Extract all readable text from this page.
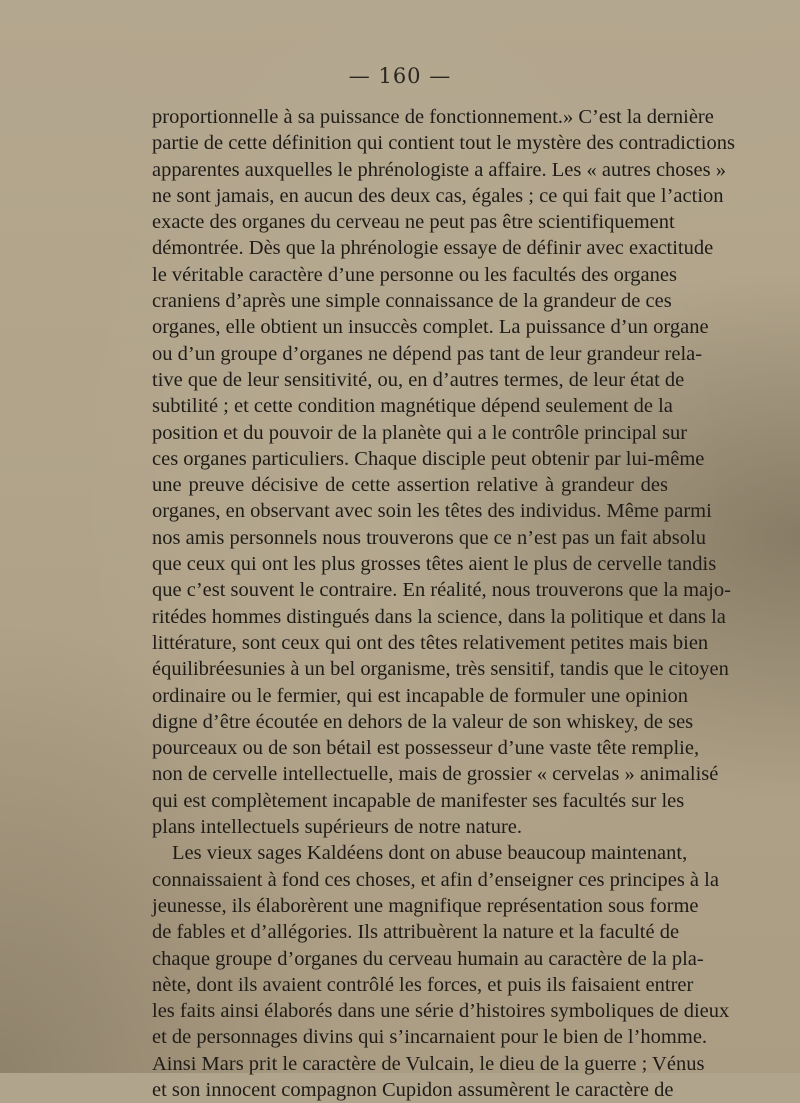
— 160 —
proportionnelle à sa puissance de fonctionnement.» C’est la dernière
partie de cette définition qui contient tout le mystère des contradictions
apparentes auxquelles le phrénologiste a affaire. Les « autres choses »
ne sont jamais, en aucun des deux cas, égales ; ce qui fait que l’action
exacte des organes du cerveau ne peut pas être scientifiquement
démontrée. Dès que la phrénologie essaye de définir avec exactitude
le véritable caractère d’une personne ou les facultés des organes
craniens d’après une simple connaissance de la grandeur de ces
organes, elle obtient un insuccès complet. La puissance d’un organe
ou d’un groupe d’organes ne dépend pas tant de leur grandeur rela-
tive que de leur sensitivité, ou, en d’autres termes, de leur état de
subtilité ; et cette condition magnétique dépend seulement de la
position et du pouvoir de la planète qui a le contrôle principal sur
ces organes particuliers. Chaque disciple peut obtenir par lui-même
une preuve décisive de cette assertion relative à grandeur des
organes, en observant avec soin les têtes des individus. Même parmi
nos amis personnels nous trouverons que ce n’est pas un fait absolu
que ceux qui ont les plus grosses têtes aient le plus de cervelle tandis
que c’est souvent le contraire. En réalité, nous trouverons que la majo-
ritédes hommes distingués dans la science, dans la politique et dans la
littérature, sont ceux qui ont des têtes relativement petites mais bien
équilibréesunies à un bel organisme, très sensitif, tandis que le citoyen
ordinaire ou le fermier, qui est incapable de formuler une opinion
digne d’être écoutée en dehors de la valeur de son whiskey, de ses
pourceaux ou de son bétail est possesseur d’une vaste tête remplie,
non de cervelle intellectuelle, mais de grossier « cervelas » animalisé
qui est complètement incapable de manifester ses facultés sur les
plans intellectuels supérieurs de notre nature.
Les vieux sages Kaldéens dont on abuse beaucoup maintenant,
connaissaient à fond ces choses, et afin d’enseigner ces principes à la
jeunesse, ils élaborèrent une magnifique représentation sous forme
de fables et d’allégories. Ils attribuèrent la nature et la faculté de
chaque groupe d’organes du cerveau humain au caractère de la pla-
nète, dont ils avaient contrôlé les forces, et puis ils faisaient entrer
les faits ainsi élaborés dans une série d’histoires symboliques de dieux
et de personnages divins qui s’incarnaient pour le bien de l’homme.
Ainsi Mars prit le caractère de Vulcain, le dieu de la guerre ; Vénus
et son innocent compagnon Cupidon assumèrent le caractère de
